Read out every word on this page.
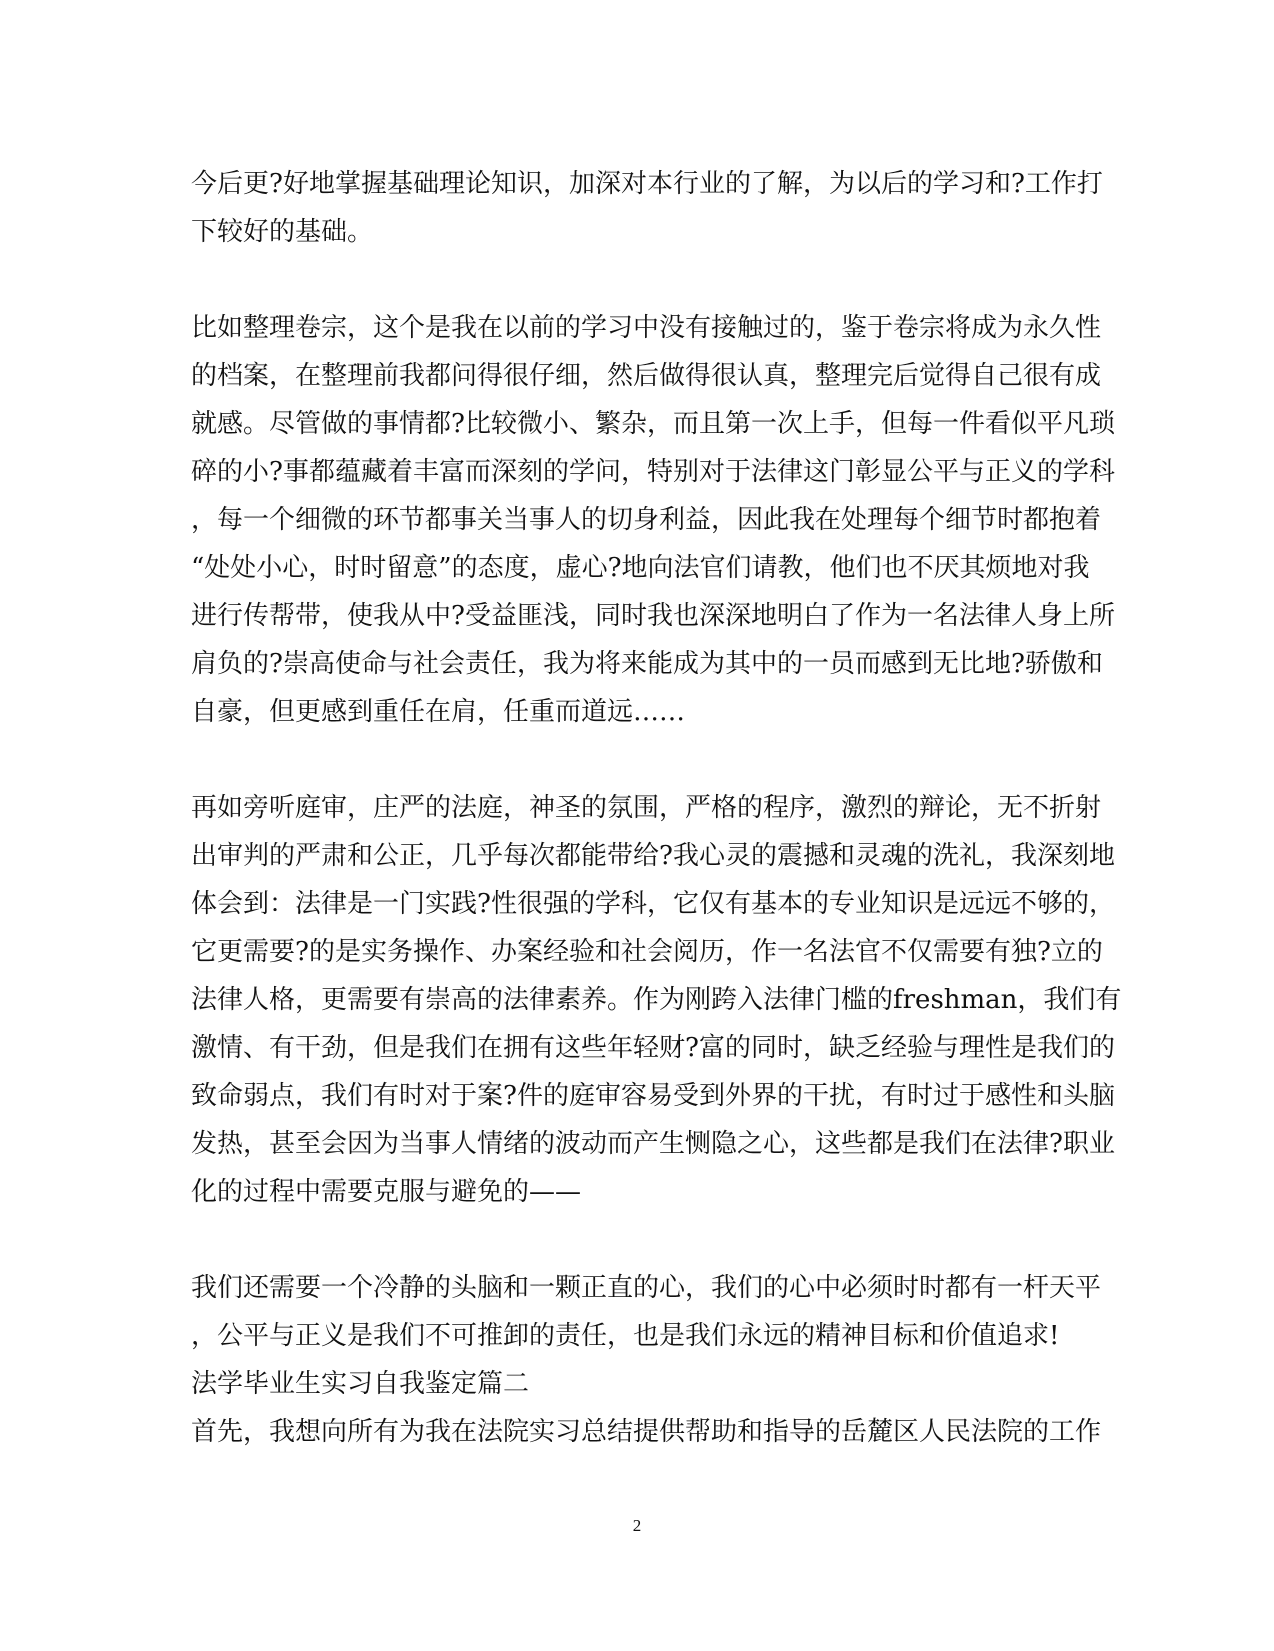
今后更?好地掌握基础理论知识，加深对本行业的了解，为以后的学习和?工作打
下较好的基础。
比如整理卷宗，这个是我在以前的学习中没有接触过的，鉴于卷宗将成为永久性
的档案，在整理前我都问得很仔细，然后做得很认真，整理完后觉得自己很有成
就感。尽管做的事情都?比较微小、繁杂，而且第一次上手，但每一件看似平凡琐
碎的小?事都蕴藏着丰富而深刻的学问，特别对于法律这门彰显公平与正义的学科
，每一个细微的环节都事关当事人的切身利益，因此我在处理每个细节时都抱着
“处处小心，时时留意”的态度，虚心?地向法官们请教，他们也不厌其烦地对我
进行传帮带，使我从中?受益匪浅，同时我也深深地明白了作为一名法律人身上所
肩负的?崇高使命与社会责任，我为将来能成为其中的一员而感到无比地?骄傲和
自豪，但更感到重任在肩，任重而道远……
再如旁听庭审，庄严的法庭，神圣的氛围，严格的程序，激烈的辩论，无不折射
出审判的严肃和公正，几乎每次都能带给?我心灵的震撼和灵魂的洗礼，我深刻地
体会到：法律是一门实践?性很强的学科，它仅有基本的专业知识是远远不够的，
它更需要?的是实务操作、办案经验和社会阅历，作一名法官不仅需要有独?立的
法律人格，更需要有崇高的法律素养。作为刚跨入法律门槛的freshman，我们有
激情、有干劲，但是我们在拥有这些年轻财?富的同时，缺乏经验与理性是我们的
致命弱点，我们有时对于案?件的庭审容易受到外界的干扰，有时过于感性和头脑
发热，甚至会因为当事人情绪的波动而产生恻隐之心，这些都是我们在法律?职业
化的过程中需要克服与避免的——
我们还需要一个冷静的头脑和一颗正直的心，我们的心中必须时时都有一杆天平
，公平与正义是我们不可推卸的责任，也是我们永远的精神目标和价值追求!
法学毕业生实习自我鉴定篇二
首先，我想向所有为我在法院实习总结提供帮助和指导的岳麓区人民法院的工作
2
